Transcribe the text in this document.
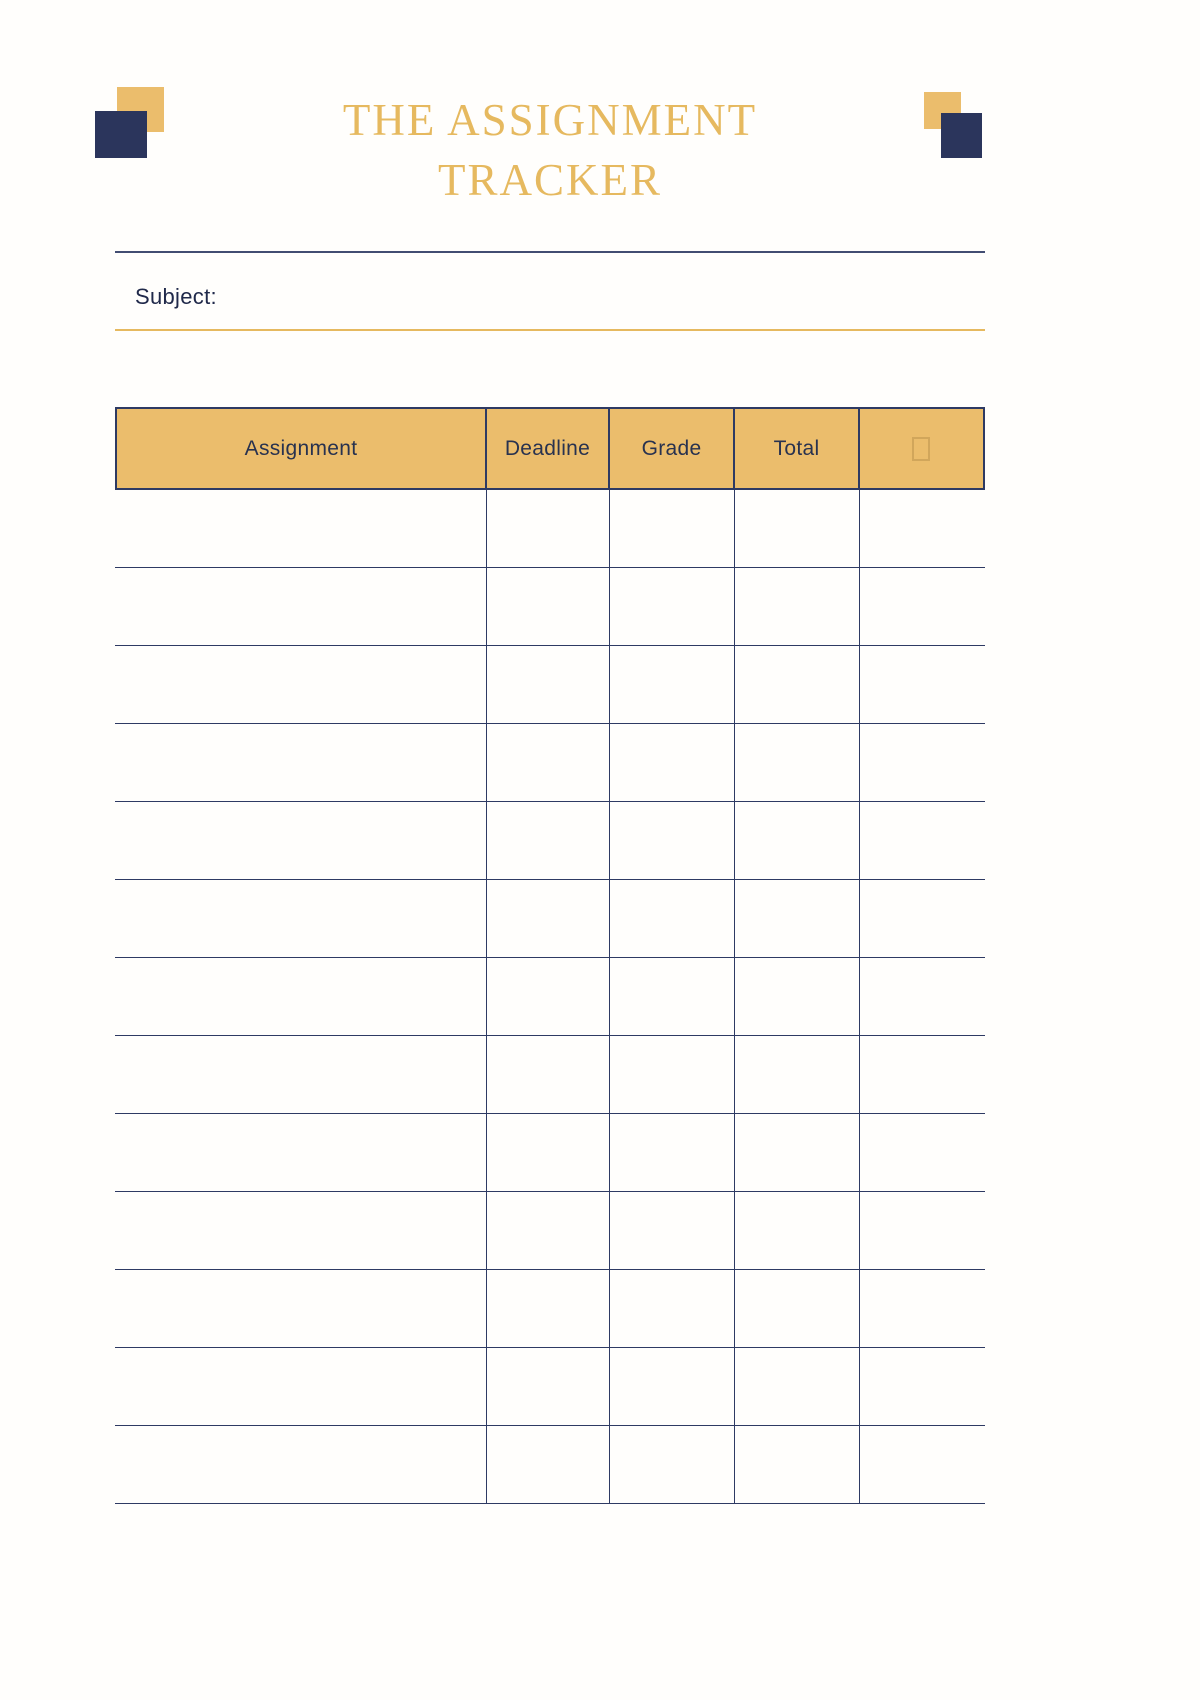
THE ASSIGNMENT TRACKER
Subject:
Assignment	Deadline	Grade	Total
